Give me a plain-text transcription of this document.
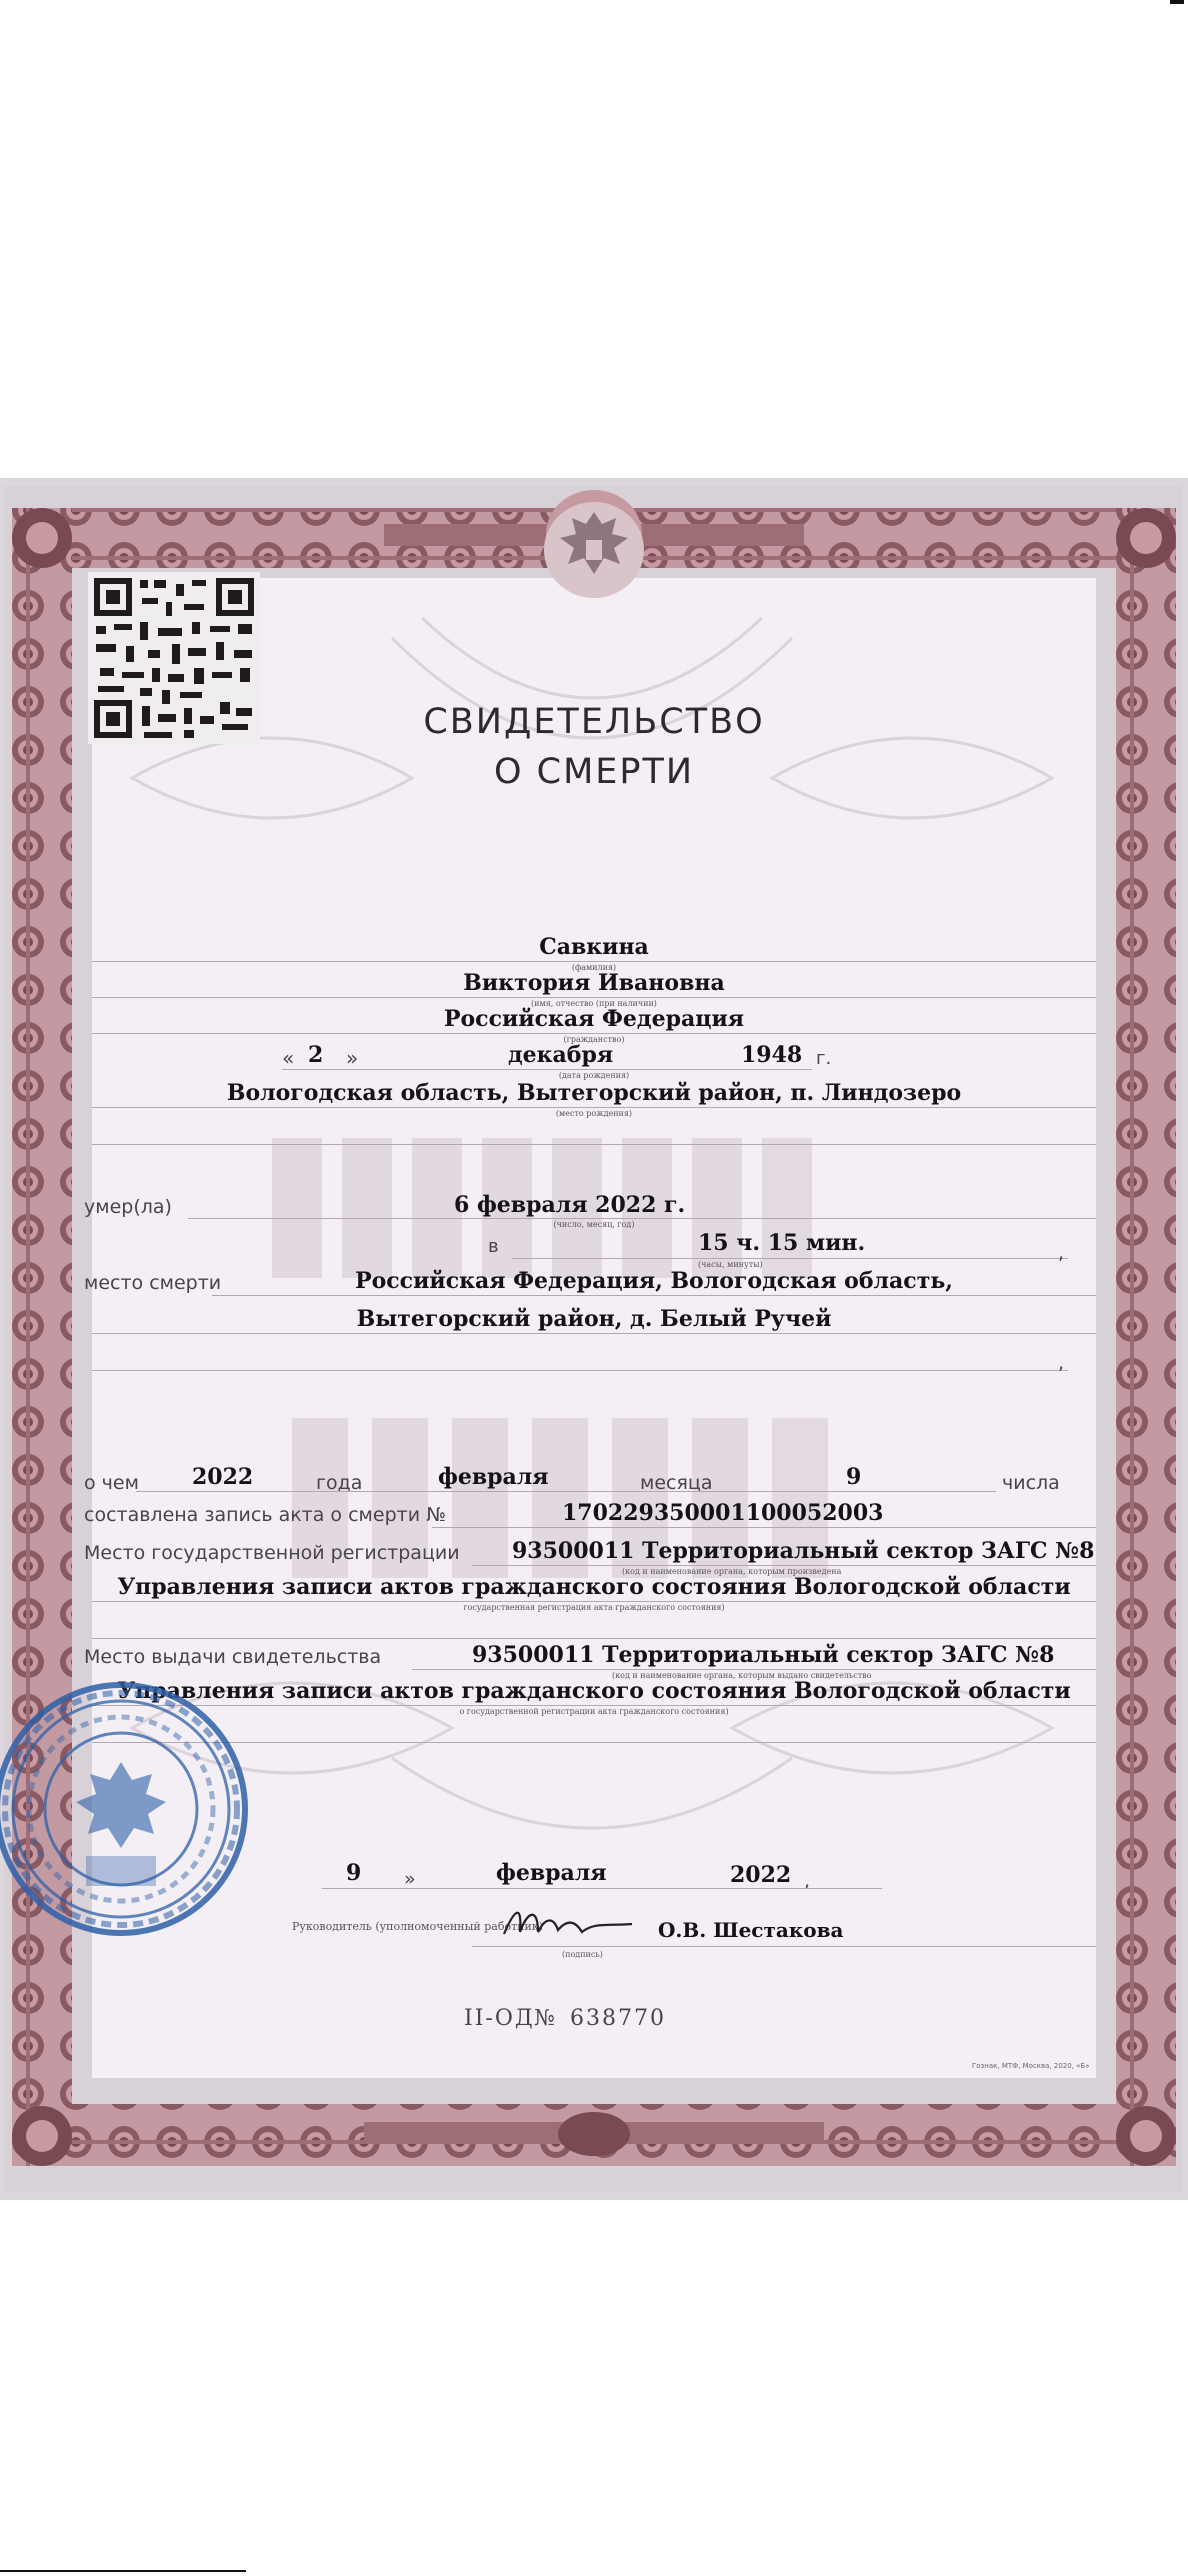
СВИДЕТЕЛЬСТВО
О СМЕРТИ
Савкина
(фамилия)
Виктория Ивановна
(имя, отчество (при наличии)
Российская Федерация
(гражданство)
« 2 »	декабря	1948 г.
(дата рождения)
Вологодская область, Вытегорский район, п. Линдозеро
(место рождения)
умер(ла)	6 февраля 2022 г.
(число, месяц, год)
в	15 ч. 15 мин.	,
(часы, минуты)
место смерти	Российская Федерация, Вологодская область,
Вытегорский район, д. Белый Ручей
,
о чем 2022	года	февраля	месяца	9	числа
составлена запись акта о смерти №	170229350001100052003
Место государственной регистрации 93500011 Территориальный сектор ЗАГС №8
(код и наименование органа, которым произведена
Управления записи актов гражданского состояния Вологодской области
государственная регистрация акта гражданского состояния)
Место выдачи свидетельства	93500011 Территориальный сектор ЗАГС №8
(код и наименование органа, которым выдано свидетельство
Управления записи актов гражданского состояния Вологодской области
о государственной регистрации акта гражданского состояния)
9 »	февраля	2022 ,
Руководитель (уполномоченный работник)
(подпись)
О.В. Шестакова
II-ОД № 638770
Гознак, МТФ, Москва, 2020, «Б»
